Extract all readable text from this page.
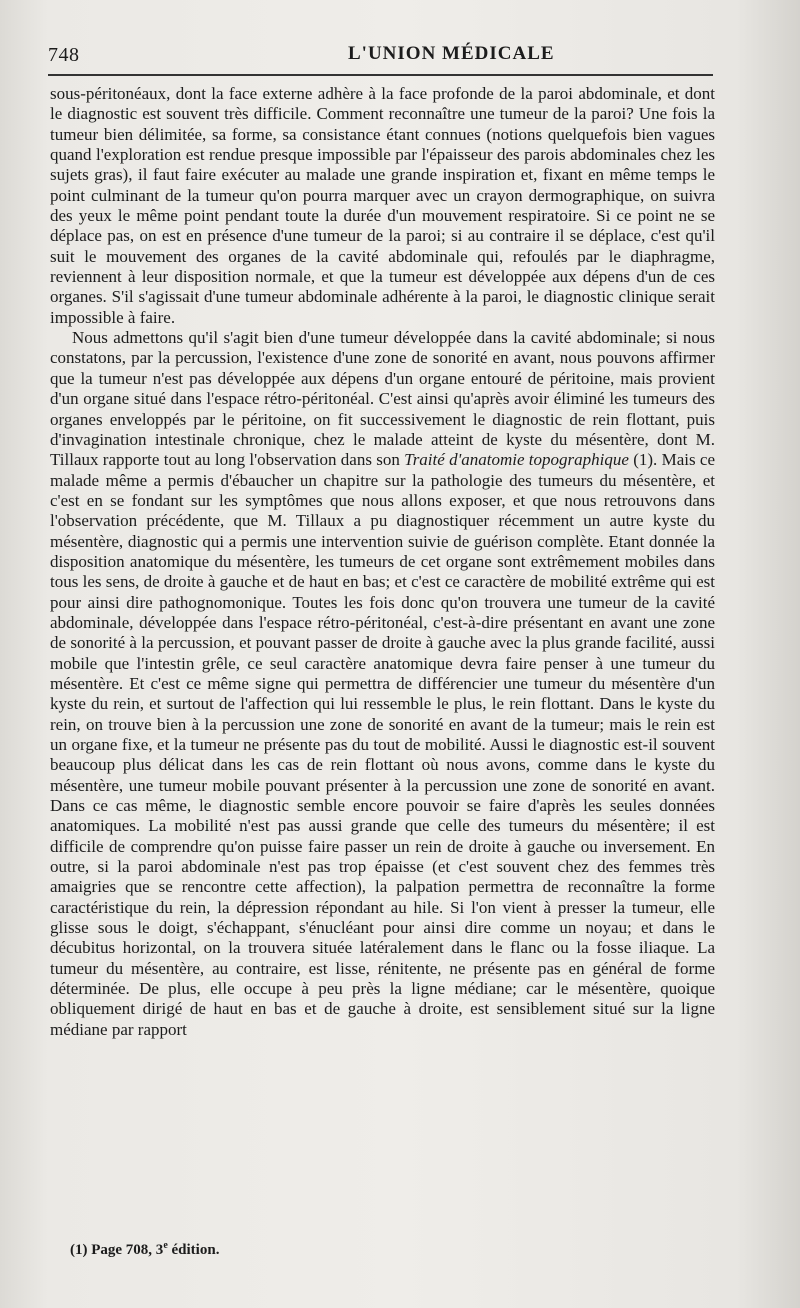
748	L'UNION MÉDICALE

sous-péritonéaux, dont la face externe adhère à la face profonde de la paroi abdominale, et dont le diagnostic est souvent très difficile. Comment reconnaître une tumeur de la paroi? Une fois la tumeur bien délimitée, sa forme, sa consistance étant connues (notions quelquefois bien vagues quand l'exploration est rendue presque impossible par l'épaisseur des parois abdominales chez les sujets gras), il faut faire exécuter au malade une grande inspiration et, fixant en même temps le point culminant de la tumeur qu'on pourra marquer avec un crayon dermographique, on suivra des yeux le même point pendant toute la durée d'un mouvement respiratoire. Si ce point ne se déplace pas, on est en présence d'une tumeur de la paroi; si au contraire il se déplace, c'est qu'il suit le mouvement des organes de la cavité abdominale qui, refoulés par le diaphragme, reviennent à leur disposition normale, et que la tumeur est développée aux dépens d'un de ces organes. S'il s'agissait d'une tumeur abdominale adhérente à la paroi, le diagnostic clinique serait impossible à faire.

Nous admettons qu'il s'agit bien d'une tumeur développée dans la cavité abdominale; si nous constatons, par la percussion, l'existence d'une zone de sonorité en avant, nous pouvons affirmer que la tumeur n'est pas développée aux dépens d'un organe entouré de péritoine, mais provient d'un organe situé dans l'espace rétro-péritonéal. C'est ainsi qu'après avoir éliminé les tumeurs des organes enveloppés par le péritoine, on fit successivement le diagnostic de rein flottant, puis d'invagination intestinale chronique, chez le malade atteint de kyste du mésentère, dont M. Tillaux rapporte tout au long l'observation dans son Traité d'anatomie topographique (1). Mais ce malade même a permis d'ébaucher un chapitre sur la pathologie des tumeurs du mésentère, et c'est en se fondant sur les symptômes que nous allons exposer, et que nous retrouvons dans l'observation précédente, que M. Tillaux a pu diagnostiquer récemment un autre kyste du mésentère, diagnostic qui a permis une intervention suivie de guérison complète. Etant donnée la disposition anatomique du mésentère, les tumeurs de cet organe sont extrêmement mobiles dans tous les sens, de droite à gauche et de haut en bas; et c'est ce caractère de mobilité extrême qui est pour ainsi dire pathognomonique. Toutes les fois donc qu'on trouvera une tumeur de la cavité abdominale, développée dans l'espace rétro-péritonéal, c'est-à-dire présentant en avant une zone de sonorité à la percussion, et pouvant passer de droite à gauche avec la plus grande facilité, aussi mobile que l'intestin grêle, ce seul caractère anatomique devra faire penser à une tumeur du mésentère. Et c'est ce même signe qui permettra de différencier une tumeur du mésentère d'un kyste du rein, et surtout de l'affection qui lui ressemble le plus, le rein flottant. Dans le kyste du rein, on trouve bien à la percussion une zone de sonorité en avant de la tumeur; mais le rein est un organe fixe, et la tumeur ne présente pas du tout de mobilité. Aussi le diagnostic est-il souvent beaucoup plus délicat dans les cas de rein flottant où nous avons, comme dans le kyste du mésentère, une tumeur mobile pouvant présenter à la percussion une zone de sonorité en avant. Dans ce cas même, le diagnostic semble encore pouvoir se faire d'après les seules données anatomiques. La mobilité n'est pas aussi grande que celle des tumeurs du mésentère; il est difficile de comprendre qu'on puisse faire passer un rein de droite à gauche ou inversement. En outre, si la paroi abdominale n'est pas trop épaisse (et c'est souvent chez des femmes très amaigries que se rencontre cette affection), la palpation permettra de reconnaître la forme caractéristique du rein, la dépression répondant au hile. Si l'on vient à presser la tumeur, elle glisse sous le doigt, s'échappant, s'énucléant pour ainsi dire comme un noyau; et dans le décubitus horizontal, on la trouvera située latéralement dans le flanc ou la fosse iliaque. La tumeur du mésentère, au contraire, est lisse, rénitente, ne présente pas en général de forme déterminée. De plus, elle occupe à peu près la ligne médiane; car le mésentère, quoique obliquement dirigé de haut en bas et de gauche à droite, est sensiblement situé sur la ligne médiane par rapport

(1) Page 708, 3e édition.
